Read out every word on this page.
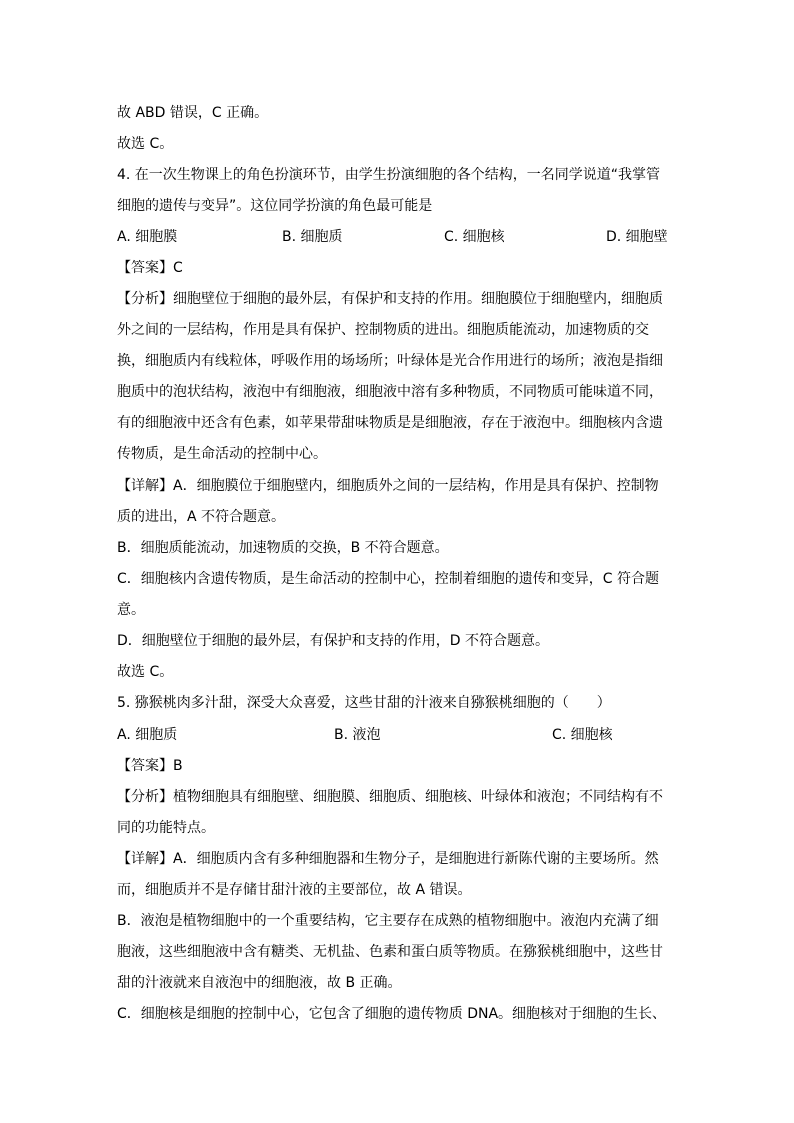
故 ABD 错误，C 正确。
故选 C。
4. 在一次生物课上的角色扮演环节，由学生扮演细胞的各个结构，一名同学说道“我掌管
细胞的遗传与变异”。这位同学扮演的角色最可能是
A. 细胞膜	B. 细胞质	C. 细胞核	D. 细胞壁
【答案】C
【分析】细胞壁位于细胞的最外层，有保护和支持的作用。细胞膜位于细胞壁内，细胞质
外之间的一层结构，作用是具有保护、控制物质的进出。细胞质能流动，加速物质的交
换，细胞质内有线粒体，呼吸作用的场场所；叶绿体是光合作用进行的场所；液泡是指细
胞质中的泡状结构，液泡中有细胞液，细胞液中溶有多种物质，不同物质可能味道不同，
有的细胞液中还含有色素，如苹果带甜味物质是是细胞液，存在于液泡中。细胞核内含遗
传物质，是生命活动的控制中心。
【详解】A．细胞膜位于细胞壁内，细胞质外之间的一层结构，作用是具有保护、控制物
质的进出，A 不符合题意。
B．细胞质能流动，加速物质的交换，B 不符合题意。
C．细胞核内含遗传物质，是生命活动的控制中心，控制着细胞的遗传和变异，C 符合题
意。
D．细胞壁位于细胞的最外层，有保护和支持的作用，D 不符合题意。
故选 C。
5. 猕猴桃肉多汁甜，深受大众喜爱，这些甘甜的汁液来自猕猴桃细胞的（　　）
A. 细胞质	B. 液泡	C. 细胞核
【答案】B
【分析】植物细胞具有细胞壁、细胞膜、细胞质、细胞核、叶绿体和液泡；不同结构有不
同的功能特点。
【详解】A．细胞质内含有多种细胞器和生物分子，是细胞进行新陈代谢的主要场所。然
而，细胞质并不是存储甘甜汁液的主要部位，故 A 错误。
B．液泡是植物细胞中的一个重要结构，它主要存在成熟的植物细胞中。液泡内充满了细
胞液，这些细胞液中含有糖类、无机盐、色素和蛋白质等物质。在猕猴桃细胞中，这些甘
甜的汁液就来自液泡中的细胞液，故 B 正确。
C．细胞核是细胞的控制中心，它包含了细胞的遗传物质 DNA。细胞核对于细胞的生长、
